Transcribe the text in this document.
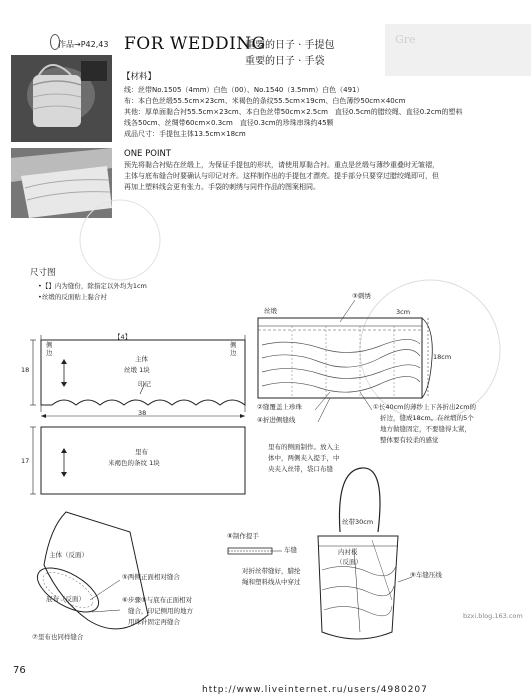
Gre
作品→P42,43 FOR WEDDING
重要的日子 · 手提包
重要的日子 · 手袋
【材料】
线：丝带No.1505（4mm）白色（00）、No.1540（3.5mm）白色（491）
布：本白色丝缎55.5cm×23cm、米褐色的条纹55.5cm×19cm、白色薄纱50cm×40cm
其他：厚单面黏合衬55.5cm×23cm、本白色丝带50cm×2.5cm　直径0.5cm的腊绞绳、直径0.2cm的塑料
线各50cm、丝绸带60cm×0.3cm　直径0.3cm的珍珠串珠约45颗
成品尺寸：手提包主体13.5cm×18cm
ONE POINT
预先将黏合衬贴在丝缎上，为保证手提包的形状，请使用厚黏合衬。重点是丝缎与薄纱重叠时无皱褶，
主体与底布缝合时要确认与印记对齐。这样制作出的手提包才漂亮。提手部分只要穿过腊绞绳即可，但
再加上塑料线会更有张力。手袋的刺绣与同件作品的图案相同。
尺寸图
•【】内为缝份，除指定以外均为1cm
•丝缎的反面贴上黏合衬
【4】
侧边
侧边
主体
丝缎 1块
印记
18
38
里布
米褐色的条纹 1块
17
③刺绣
丝缎	3cm
18cm
②缝覆盖上珍珠
④折进侧缝线
①长40cm的薄纱上下各折出2cm的
折边，缝成18cm。在丝缎的5个
地方做缝固定，不要缝得太紧，
整体要有较柔的感觉
里布的侧面制作。放入主
体中，两侧夹入提手，中
央夹入丝带，袋口布缝
主体（反面）
底布（反面）
⑤两侧正面相对缝合
⑥步骤⑤与底布正面相对
缝合，印记侧用的地方
用珠针固定再缝合
⑦里布也同样缝合
⑧制作提手
车缝
对折丝带缝好，腊纶
绳和塑料线从中穿过
丝带30cm
内衬板
（反面）
⑨车缝压线
76
bzxi.blog.163.com
http://www.liveinternet.ru/users/4980207
